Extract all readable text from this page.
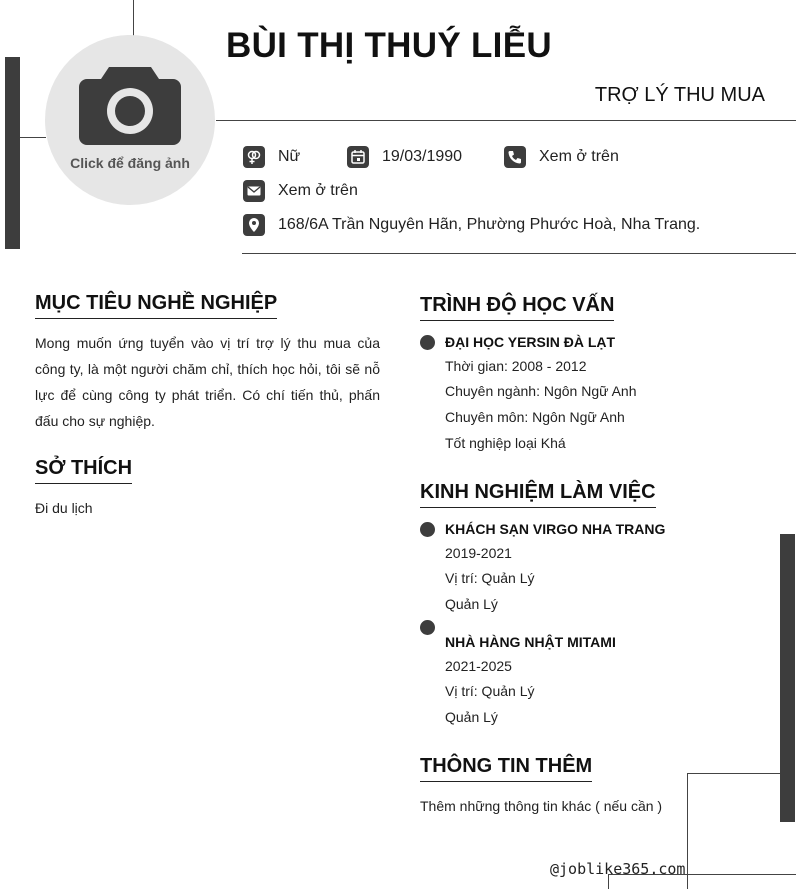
Click để đăng ảnh
BÙI THỊ THUÝ LIỄU
TRỢ LÝ THU MUA
Nữ	19/03/1990	Xem ở trên
Xem ở trên
168/6A Trần Nguyên Hãn, Phường Phước Hoà, Nha Trang.
MỤC TIÊU NGHỀ NGHIỆP
Mong muốn ứng tuyển vào vị trí trợ lý thu mua của công ty, là một người chăm chỉ, thích học hỏi, tôi sẽ nỗ lực để cùng công ty phát triển. Có chí tiến thủ, phấn đấu cho sự nghiệp.
SỞ THÍCH
Đi du lịch
TRÌNH ĐỘ HỌC VẤN
ĐẠI HỌC YERSIN ĐÀ LẠT
Thời gian: 2008 - 2012
Chuyên ngành: Ngôn Ngữ Anh
Chuyên môn: Ngôn Ngữ Anh
Tốt nghiệp loại Khá
KINH NGHIỆM LÀM VIỆC
KHÁCH SẠN VIRGO NHA TRANG
2019-2021
Vị trí: Quản Lý
Quản Lý
NHÀ HÀNG NHẬT MITAMI
2021-2025
Vị trí: Quản Lý
Quản Lý
THÔNG TIN THÊM
Thêm những thông tin khác ( nếu cần )
@joblike365.com
